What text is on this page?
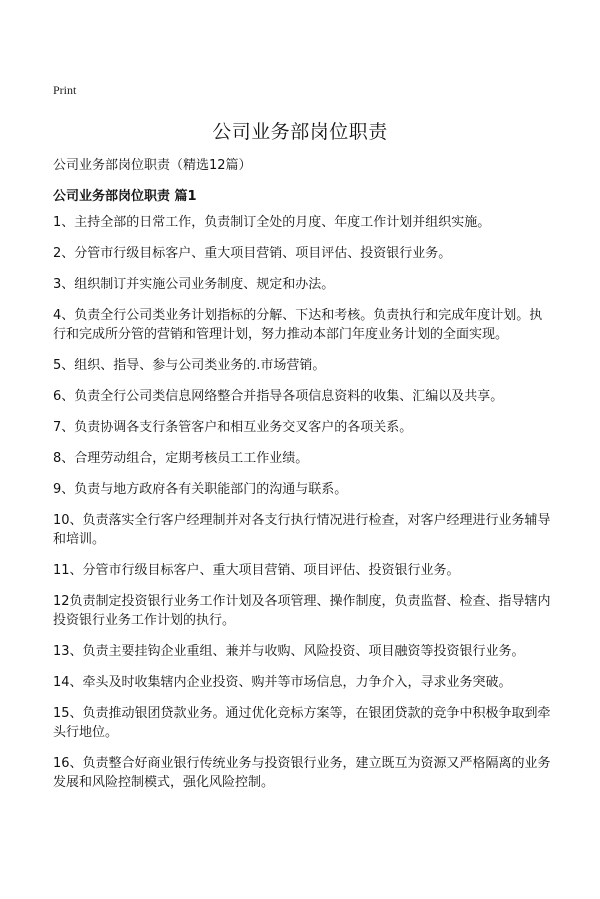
Print
公司业务部岗位职责

公司业务部岗位职责（精选12篇）

公司业务部岗位职责 篇1
1、主持全部的日常工作，负责制订全处的月度、年度工作计划并组织实施。
2、分管市行级目标客户、重大项目营销、项目评估、投资银行业务。
3、组织制订并实施公司业务制度、规定和办法。
4、负责全行公司类业务计划指标的分解、下达和考核。负责执行和完成年度计划。执行和完成所分管的营销和管理计划，努力推动本部门年度业务计划的全面实现。
5、组织、指导、参与公司类业务的.市场营销。
6、负责全行公司类信息网络整合并指导各项信息资料的收集、汇编以及共享。
7、负责协调各支行条管客户和相互业务交叉客户的各项关系。
8、合理劳动组合，定期考核员工工作业绩。
9、负责与地方政府各有关职能部门的沟通与联系。
10、负责落实全行客户经理制并对各支行执行情况进行检查，对客户经理进行业务辅导和培训。
11、分管市行级目标客户、重大项目营销、项目评估、投资银行业务。
12负责制定投资银行业务工作计划及各项管理、操作制度，负责监督、检查、指导辖内投资银行业务工作计划的执行。
13、负责主要挂钩企业重组、兼并与收购、风险投资、项目融资等投资银行业务。
14、牵头及时收集辖内企业投资、购并等市场信息，力争介入，寻求业务突破。
15、负责推动银团贷款业务。通过优化竞标方案等，在银团贷款的竞争中积极争取到牵头行地位。
16、负责整合好商业银行传统业务与投资银行业务，建立既互为资源又严格隔离的业务发展和风险控制模式，强化风险控制。
